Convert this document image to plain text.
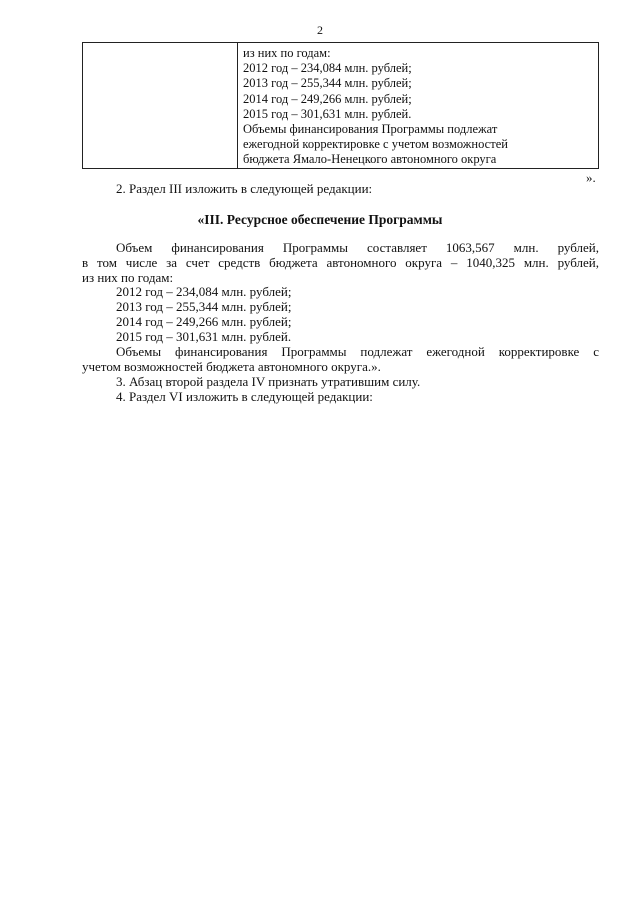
2
из них по годам:
2012 год – 234,084 млн. рублей;
2013 год – 255,344 млн. рублей;
2014 год – 249,266 млн. рублей;
2015 год – 301,631 млн. рублей.
Объемы финансирования Программы подлежат
ежегодной корректировке с учетом возможностей
бюджета Ямало-Ненецкого автономного округа
».
2. Раздел III изложить в следующей редакции:
«III. Ресурсное обеспечение Программы
Объем финансирования Программы составляет 1063,567 млн. рублей,
в том числе за счет средств бюджета автономного округа – 1040,325 млн. рублей,
из них по годам:
2012 год – 234,084 млн. рублей;
2013 год – 255,344 млн. рублей;
2014 год – 249,266 млн. рублей;
2015 год – 301,631 млн. рублей.
Объемы финансирования Программы подлежат ежегодной корректировке с
учетом возможностей бюджета автономного округа.».
3. Абзац второй раздела IV признать утратившим силу.
4. Раздел VI изложить в следующей редакции:
